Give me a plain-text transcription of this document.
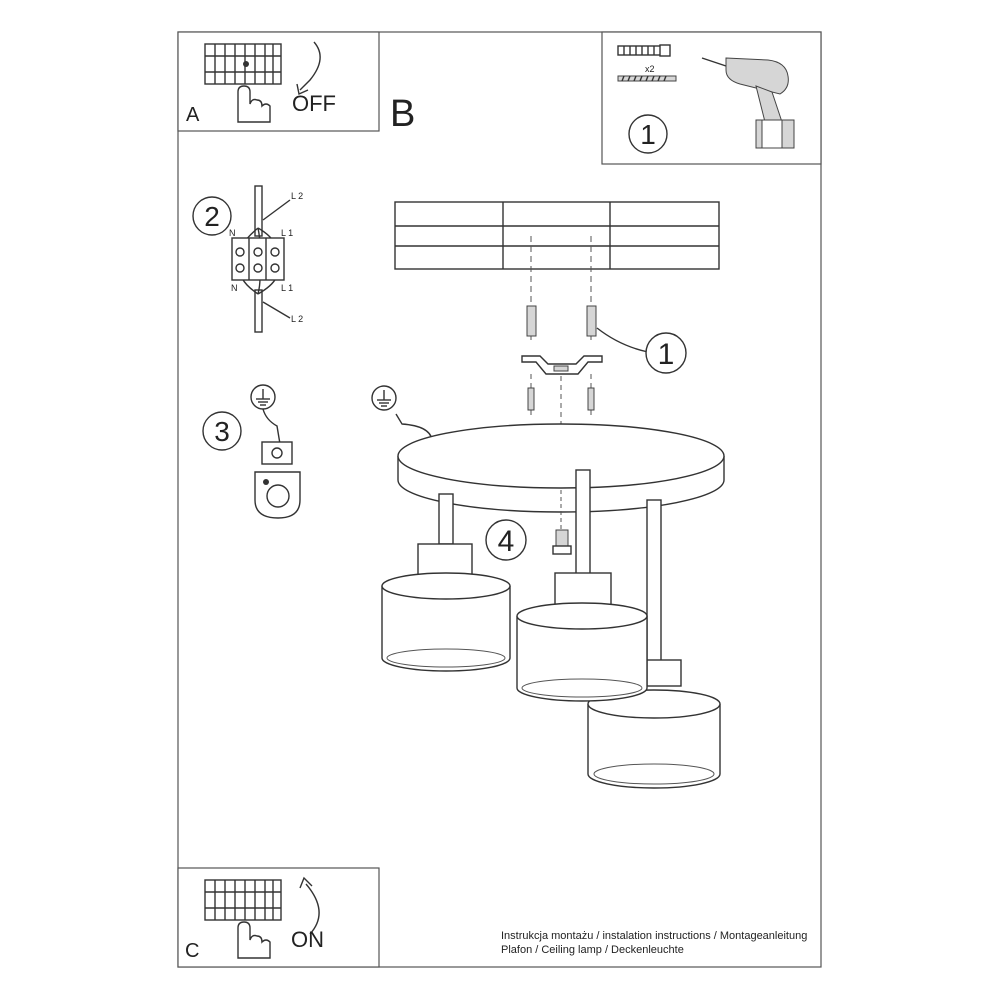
A	OFF B
x2
1
2
L 2
N	L 1
N	L 1
L 2
3
1
4
C	ON	Instrukcja montażu / instalation instructions / Montageanleitung
Plafon / Ceiling lamp / Deckenleuchte
